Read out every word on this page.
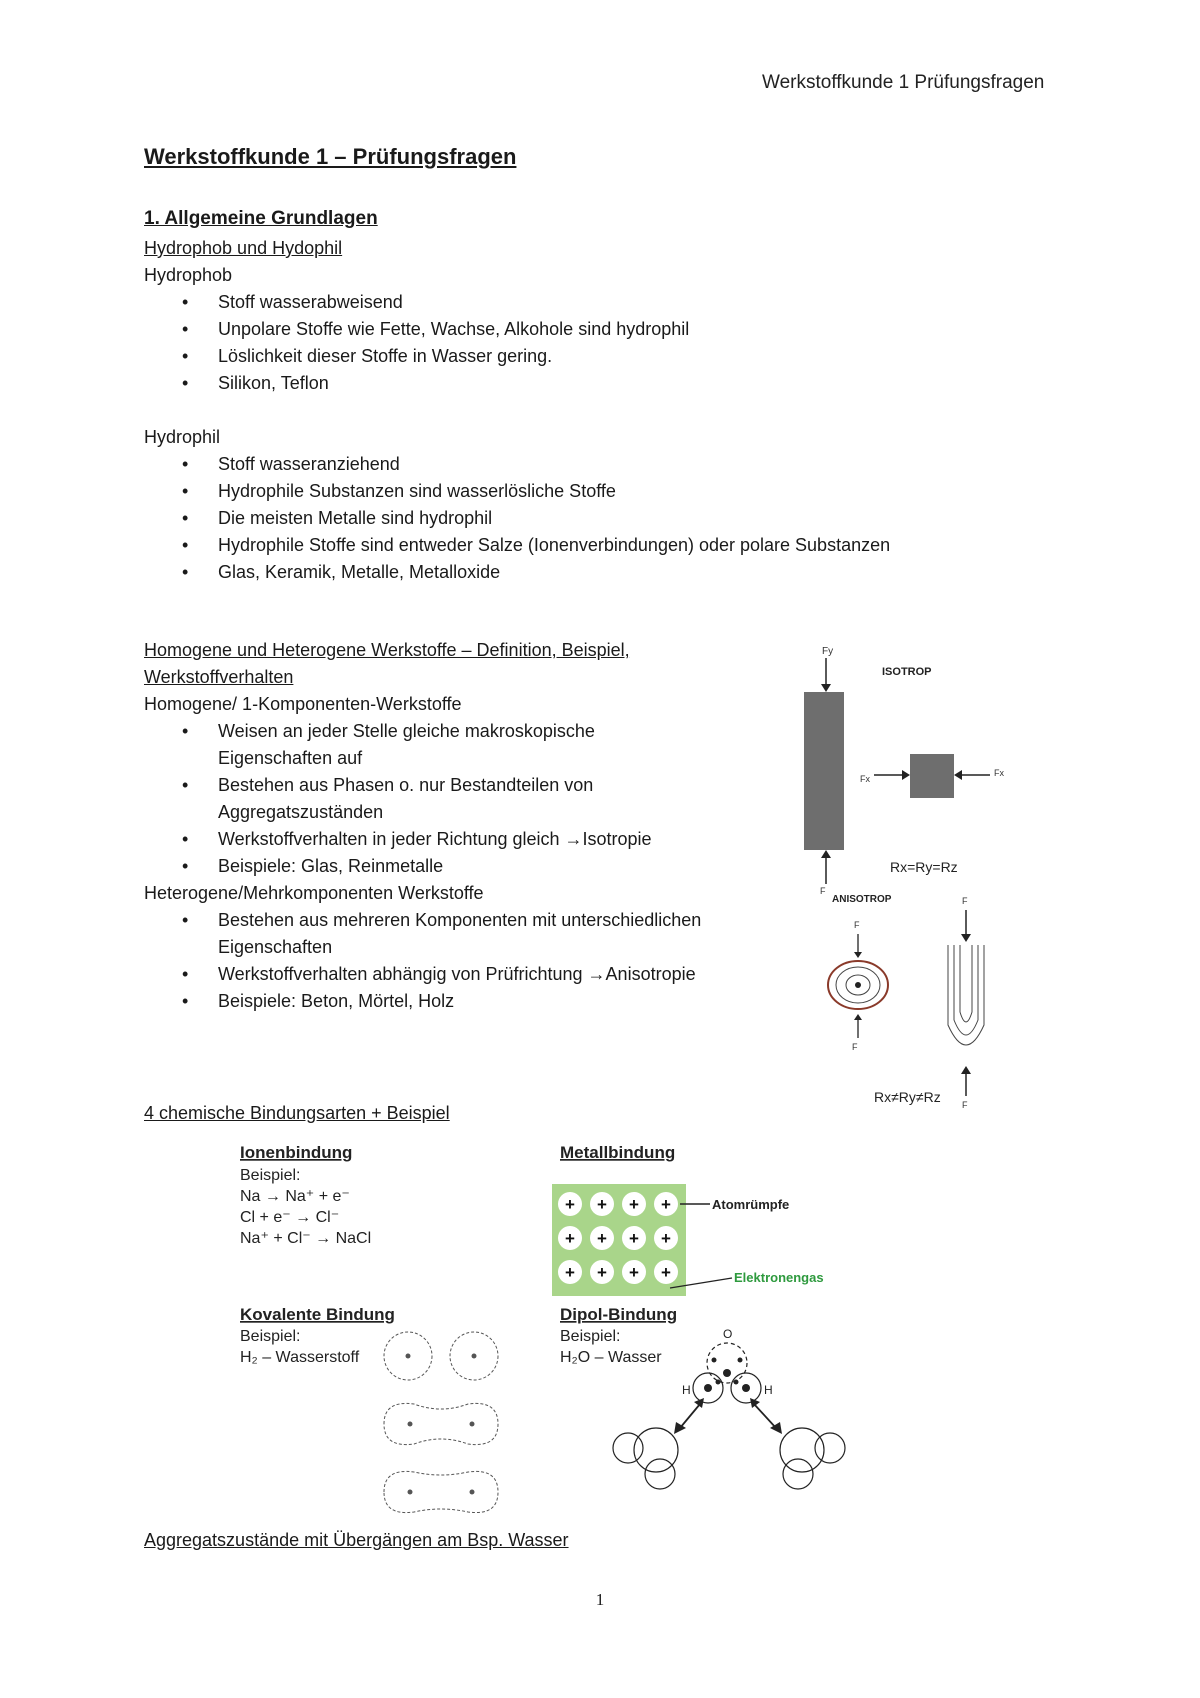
Werkstoffkunde 1 Prüfungsfragen
Werkstoffkunde 1 – Prüfungsfragen
1. Allgemeine Grundlagen
Hydrophob und Hydophil
Hydrophob
• Stoff wasserabweisend
• Unpolare Stoffe wie Fette, Wachse, Alkohole sind hydrophil
• Löslichkeit dieser Stoffe in Wasser gering.
• Silikon, Teflon
Hydrophil
• Stoff wasseranziehend
• Hydrophile Substanzen sind wasserlösliche Stoffe
• Die meisten Metalle sind hydrophil
• Hydrophile Stoffe sind entweder Salze (Ionenverbindungen) oder polare Substanzen
• Glas, Keramik, Metalle, Metalloxide
Homogene und Heterogene Werkstoffe – Definition, Beispiel,
Werkstoffverhalten
Homogene/ 1-Komponenten-Werkstoffe
• Weisen an jeder Stelle gleiche makroskopische
Eigenschaften auf
• Bestehen aus Phasen o. nur Bestandteilen von
Aggregatszuständen
• Werkstoffverhalten in jeder Richtung gleich →Isotropie
• Beispiele: Glas, Reinmetalle
Heterogene/Mehrkomponenten Werkstoffe
• Bestehen aus mehreren Komponenten mit unterschiedlichen
Eigenschaften
• Werkstoffverhalten abhängig von Prüfrichtung →Anisotropie
• Beispiele: Beton, Mörtel, Holz
Fy
ISOTROP
F
Fx
Fx
Rx=Ry=Rz
ANISOTROP	F
F
F
F
Rx≠Ry≠Rz
4 chemische Bindungsarten + Beispiel
Ionenbindung
Beispiel:
Na → Na⁺ + e⁻
Cl + e⁻ → Cl⁻
Na⁺ + Cl⁻ → NaCl
Metallbindung
+ + + +
+ + + +
+ + + +
Atomrümpfe
Elektronengas
Kovalente Bindung
Beispiel:
H₂ – Wasserstoff
Dipol-Bindung
Beispiel:
H₂O – Wasser
O
H	H
Aggregatszustände mit Übergängen am Bsp. Wasser
1
